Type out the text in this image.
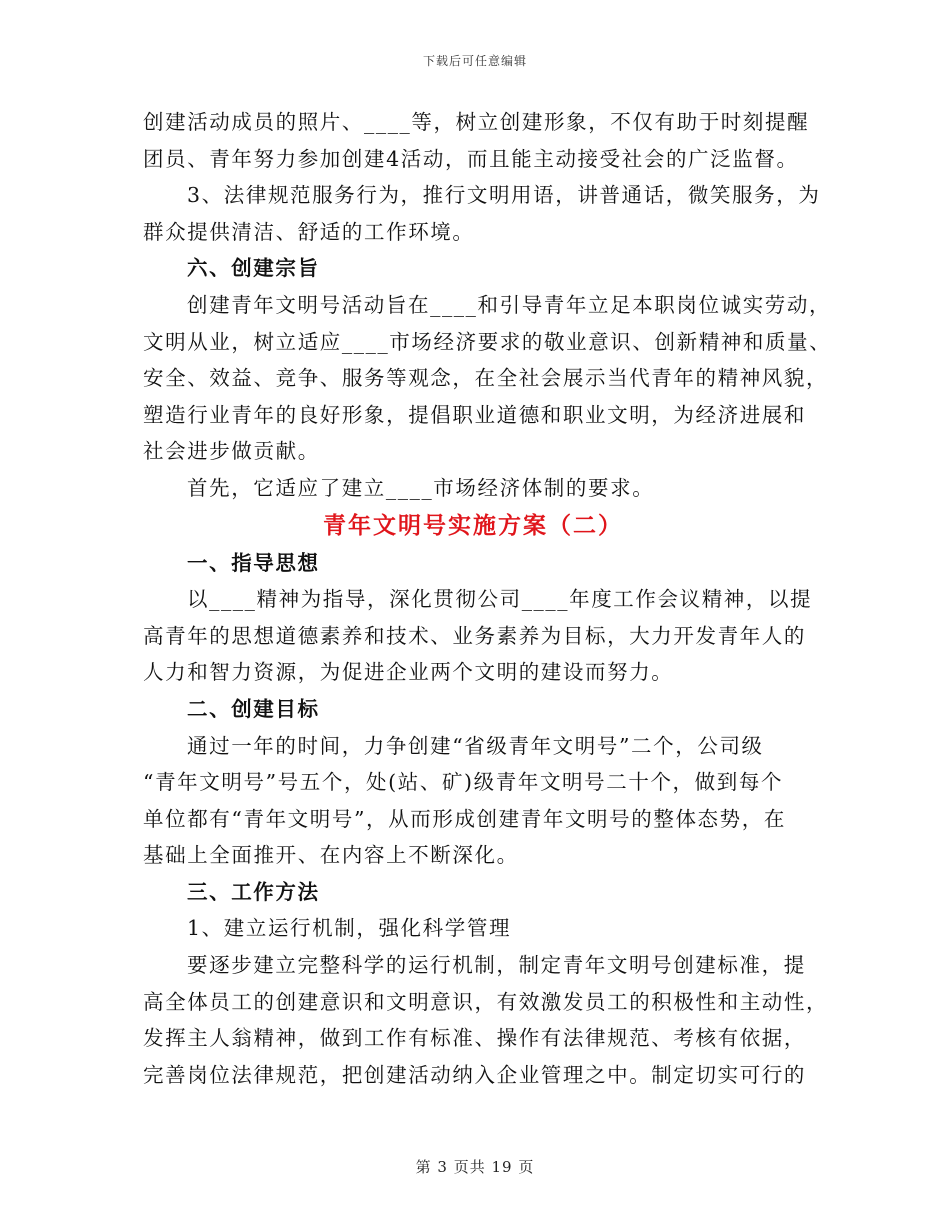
下载后可任意编辑
创建活动成员的照片、____等，树立创建形象，不仅有助于时刻提醒
团员、青年努力参加创建4活动，而且能主动接受社会的广泛监督。
3、法律规范服务行为，推行文明用语，讲普通话，微笑服务，为
群众提供清洁、舒适的工作环境。
六、创建宗旨
创建青年文明号活动旨在____和引导青年立足本职岗位诚实劳动，
文明从业，树立适应____市场经济要求的敬业意识、创新精神和质量、
安全、效益、竞争、服务等观念，在全社会展示当代青年的精神风貌，
塑造行业青年的良好形象，提倡职业道德和职业文明，为经济进展和
社会进步做贡献。
首先，它适应了建立____市场经济体制的要求。
青年文明号实施方案（二）
一、指导思想
以____精神为指导，深化贯彻公司____年度工作会议精神，以提
高青年的思想道德素养和技术、业务素养为目标，大力开发青年人的
人力和智力资源，为促进企业两个文明的建设而努力。
二、创建目标
通过一年的时间，力争创建“省级青年文明号”二个，公司级
“青年文明号”号五个，处(站、矿)级青年文明号二十个，做到每个
单位都有“青年文明号”，从而形成创建青年文明号的整体态势，在
基础上全面推开、在内容上不断深化。
三、工作方法
1、建立运行机制，强化科学管理
要逐步建立完整科学的运行机制，制定青年文明号创建标准，提
高全体员工的创建意识和文明意识，有效激发员工的积极性和主动性，
发挥主人翁精神，做到工作有标准、操作有法律规范、考核有依据，
完善岗位法律规范，把创建活动纳入企业管理之中。制定切实可行的
第 3 页共 19 页
